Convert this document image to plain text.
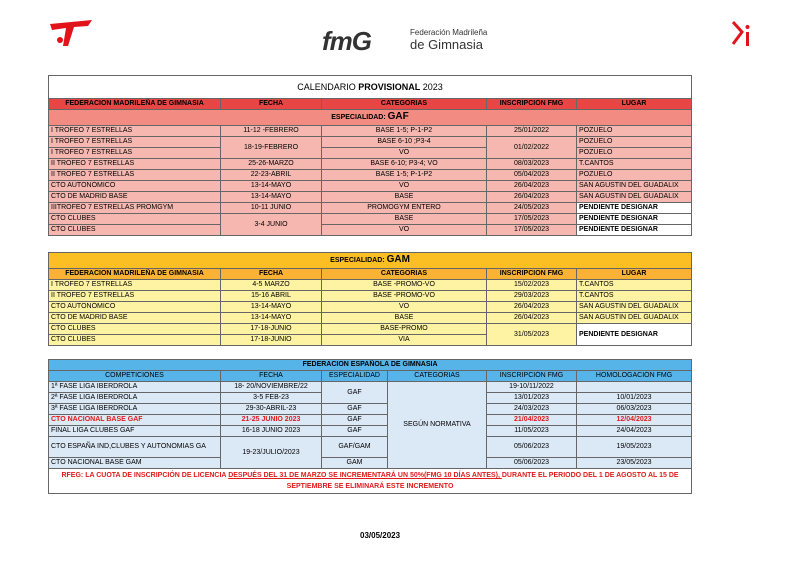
fmG	Federación Madrileña
de Gimnasia
CALENDARIO PROVISIONAL 2023				
FEDERACION MADRILEÑA DE GIMNASIA	FECHA	CATEGORIAS	INSCRIPCIÓN FMG	LUGAR
ESPECIALIDAD: GAF				
I TROFEO 7 ESTRELLAS	11-12 -FEBRERO	BASE 1-5; P-1-P2	25/01/2022	POZUELO
I TROFEO 7 ESTRELLAS	18-19-FEBRERO	BASE 6-10 ;P3-4	01/02/2022	POZUELO
I TROFEO 7 ESTRELLAS		VO		POZUELO
II TROFEO 7 ESTRELLAS	25-26-MARZO	BASE 6-10; P3-4; VO	08/03/2023	T.CANTOS
II TROFEO 7 ESTRELLAS	22-23-ABRIL	BASE 1-5; P-1-P2	05/04/2023	POZUELO
CTO AUTONÓMICO	13-14-MAYO	VO	26/04/2023	SAN AGUSTIN DEL GUADALIX
CTO DE MADRID BASE	13-14-MAYO	BASE	26/04/2023	SAN AGUSTIN DEL GUADALIX
IIITROFEO 7 ESTRELLAS PROMGYM	10-11 JUNIO	PROMOGYM ENTERO	24/05/2023	PENDIENTE DESIGNAR
CTO CLUBES	3-4 JUNIO	BASE	17/05/2023	PENDIENTE DESIGNAR
CTO CLUBES		VO	17/05/2023	PENDIENTE DESIGNAR
ESPECIALIDAD: GAM				
FEDERACION MADRILEÑA DE GIMNASIA	FECHA	CATEGORIAS	INSCRIPCION FMG	LUGAR
I TROFEO 7 ESTRELLAS	4-5 MARZO	BASE -PROMO-VO	15/02/2023	T.CANTOS
II TROFEO 7 ESTRELLAS	15-16 ABRIL	BASE -PROMO-VO	29/03/2023	T.CANTOS
CTO AUTONÓMICO	13-14-MAYO	VO	26/04/2023	SAN AGUSTIN DEL GUADALIX
CTO DE MADRID BASE	13-14-MAYO	BASE	26/04/2023	SAN AGUSTIN DEL GUADALIX
CTO CLUBES	17-18-JUNIO	BASE-PROMO	31/05/2023	PENDIENTE DESIGNAR
CTO CLUBES	17-18-JUNIO	VIA		
FEDERACION ESPAÑOLA DE GIMNASIA					
COMPETICIONES	FECHA	ESPECIALIDAD	CATEGORIAS	INSCRIPCIÓN FMG	HOMOLOGACIÓN FMG
1ª FASE LIGA IBERDROLA	18- 20/NOVIEMBRE/22	GAF	SEGÚN NORMATIVA	19-10/11/2022	
2ª FASE LIGA IBERDROLA	3-5 FEB-23			13/01/2023	10/01/2023
3ª FASE LIGA IBERDROLA	29-30-ABRIL-23	GAF		24/03/2023	06/03/2023
CTO NACIONAL BASE GAF	21-25 JUNIO 2023	GAF		21/04/2023	12/04/2023
FINAL LIGA CLUBES GAF	16-18 JUNIO 2023	GAF		11/05/2023	24/04/2023
CTO ESPAÑA IND,CLUBES Y AUTONOMIAS GA	19-23/JULIO/2023	GAF/GAM		05/06/2023	19/05/2023
CTO NACIONAL BASE GAM		GAM		05/06/2023	23/05/2023
RFEG: LA CUOTA DE INSCRIPCIÓN DE LICENCIA DESPUÉS DEL 31 DE MARZO SE INCREMENTARÁ UN 50%(FMG 10 DÍAS ANTES), DURANTE EL PERIODO DEL 1 DE AGOSTO AL 15 DE SEPTIEMBRE SE ELIMINARÁ ESTE INCREMENTO					
03/05/2023
